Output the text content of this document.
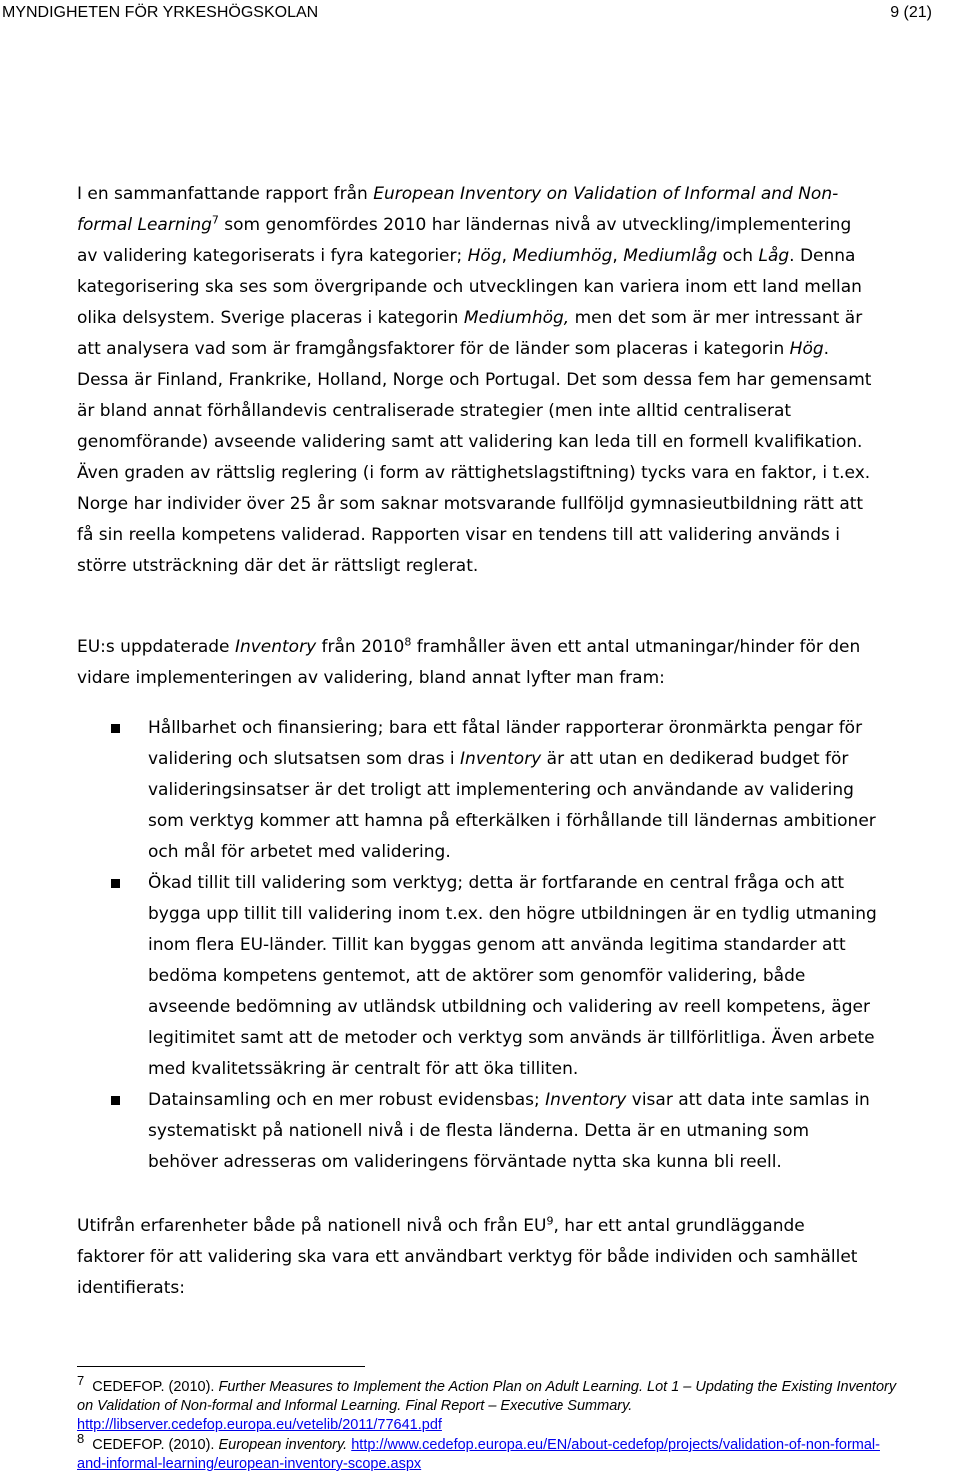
MYNDIGHETEN FÖR YRKESHÖGSKOLAN	9 (21)

I en sammanfattande rapport från European Inventory on Validation of Informal and Non-formal Learning$^7$ som genomfördes 2010 har ländernas nivå av utveckling/implementering av validering kategoriserats i fyra kategorier; Hög, Mediumhög, Mediumlåg och Låg. Denna kategorisering ska ses som övergripande och utvecklingen kan variera inom ett land mellan olika delsystem. Sverige placeras i kategorin Mediumhög, men det som är mer intressant är att analysera vad som är framgångsfaktorer för de länder som placeras i kategorin Hög. Dessa är Finland, Frankrike, Holland, Norge och Portugal. Det som dessa fem har gemensamt är bland annat förhållandevis centraliserade strategier (men inte alltid centraliserat genomförande) avseende validering samt att validering kan leda till en formell kvalifikation. Även graden av rättslig reglering (i form av rättighetslagstiftning) tycks vara en faktor, i t.ex. Norge har individer över 25 år som saknar motsvarande fullföljd gymnasieutbildning rätt att få sin reella kompetens validerad. Rapporten visar en tendens till att validering används i större utsträckning där det är rättsligt reglerat.

EU:s uppdaterade Inventory från 2010$^8$ framhåller även ett antal utmaningar/hinder för den vidare implementeringen av validering, bland annat lyfter man fram:

Hållbarhet och finansiering; bara ett fåtal länder rapporterar öronmärkta pengar för validering och slutsatsen som dras i Inventory är att utan en dedikerad budget för valideringsinsatser är det troligt att implementering och användande av validering som verktyg kommer att hamna på efterkälken i förhållande till ländernas ambitioner och mål för arbetet med validering.
Ökad tillit till validering som verktyg; detta är fortfarande en central fråga och att bygga upp tillit till validering inom t.ex. den högre utbildningen är en tydlig utmaning inom flera EU-länder. Tillit kan byggas genom att använda legitima standarder att bedöma kompetens gentemot, att de aktörer som genomför validering, både avseende bedömning av utländsk utbildning och validering av reell kompetens, äger legitimitet samt att de metoder och verktyg som används är tillförlitliga. Även arbete med kvalitetssäkring är centralt för att öka tilliten.
Datainsamling och en mer robust evidensbas; Inventory visar att data inte samlas in systematiskt på nationell nivå i de flesta länderna. Detta är en utmaning som behöver adresseras om valideringens förväntade nytta ska kunna bli reell.

Utifrån erfarenheter både på nationell nivå och från $EU^9$, har ett antal grundläggande faktorer för att validering ska vara ett användbart verktyg för både individen och samhället identifierats:

7 CEDEFOP. (2010). Further Measures to Implement the Action Plan on Adult Learning. Lot 1 – Updating the Existing Inventory on Validation of Non-formal and Informal Learning. Final Report – Executive Summary. http://libserver.cedefop.europa.eu/vetelib/2011/77641.pdf
8 CEDEFOP. (2010). European inventory. http://www.cedefop.europa.eu/EN/about-cedefop/projects/validation-of-non-formal-and-informal-learning/european-inventory-scope.aspx
